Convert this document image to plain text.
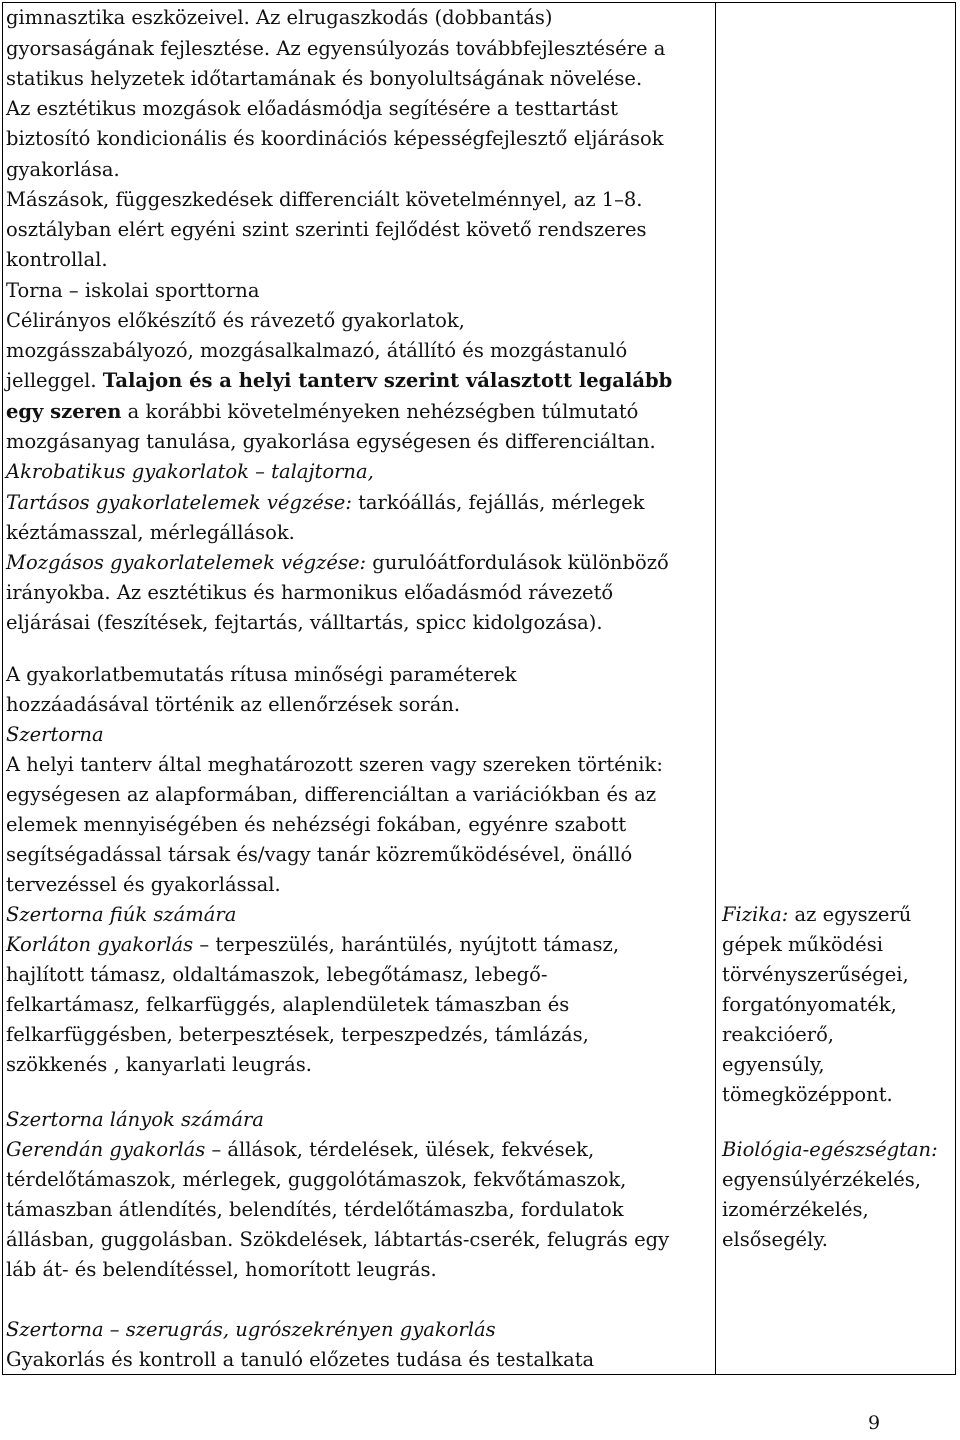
gimnasztika eszközeivel. Az elrugaszkodás (dobbantás)
gyorsaságának fejlesztése. Az egyensúlyozás továbbfejlesztésére a
statikus helyzetek időtartamának és bonyolultságának növelése.
Az esztétikus mozgások előadásmódja segítésére a testtartást
biztosító kondicionális és koordinációs képességfejlesztő eljárások
gyakorlása.
Mászások, függeszkedések differenciált követelménnyel, az 1–8.
osztályban elért egyéni szint szerinti fejlődést követő rendszeres
kontrollal.
Torna – iskolai sporttorna
Célirányos előkészítő és rávezető gyakorlatok,
mozgásszabályozó, mozgásalkalmazó, átállító és mozgástanuló
jelleggel. Talajon és a helyi tanterv szerint választott legalább
egy szeren a korábbi követelményeken nehézségben túlmutató
mozgásanyag tanulása, gyakorlása egységesen és differenciáltan.
Akrobatikus gyakorlatok – talajtorna,
Tartásos gyakorlatelemek végzése: tarkóállás, fejállás, mérlegek
kéztámasszal, mérlegállások.
Mozgásos gyakorlatelemek végzése: gurulóátfordulások különböző
irányokba. Az esztétikus és harmonikus előadásmód rávezető
eljárásai (feszítések, fejtartás, válltartás, spicc kidolgozása).
A gyakorlatbemutatás rítusa minőségi paraméterek
hozzáadásával történik az ellenőrzések során.
Szertorna
A helyi tanterv által meghatározott szeren vagy szereken történik:
egységesen az alapformában, differenciáltan a variációkban és az
elemek mennyiségében és nehézségi fokában, egyénre szabott
segítségadással társak és/vagy tanár közreműködésével, önálló
tervezéssel és gyakorlással.
Szertorna fiúk számára
Korláton gyakorlás – terpeszülés, harántülés, nyújtott támasz,
hajlított támasz, oldaltámaszok, lebegőtámasz, lebegő-
felkartámasz, felkarfüggés, alaplendületek támaszban és
felkarfüggésben, beterpesztések, terpeszpedzés, támlázás,
szökkenés , kanyarlati leugrás.
Szertorna lányok számára
Gerendán gyakorlás – állások, térdelések, ülések, fekvések,
térdelőtámaszok, mérlegek, guggolótámaszok, fekvőtámaszok,
támaszban átlendítés, belendítés, térdelőtámaszba, fordulatok
állásban, guggolásban. Szökdelések, lábtartás-cserék, felugrás egy
láb át- és belendítéssel, homorított leugrás.
Szertorna – szerugrás, ugrószekrényen gyakorlás
Gyakorlás és kontroll a tanuló előzetes tudása és testalkata
Fizika: az egyszerű
gépek működési
törvényszerűségei,
forgatónyomaték,
reakcióerő,
egyensúly,
tömegközéppont.
Biológia-egészségtan:
egyensúlyérzékelés,
izomérzékelés,
elsősegély.
9
